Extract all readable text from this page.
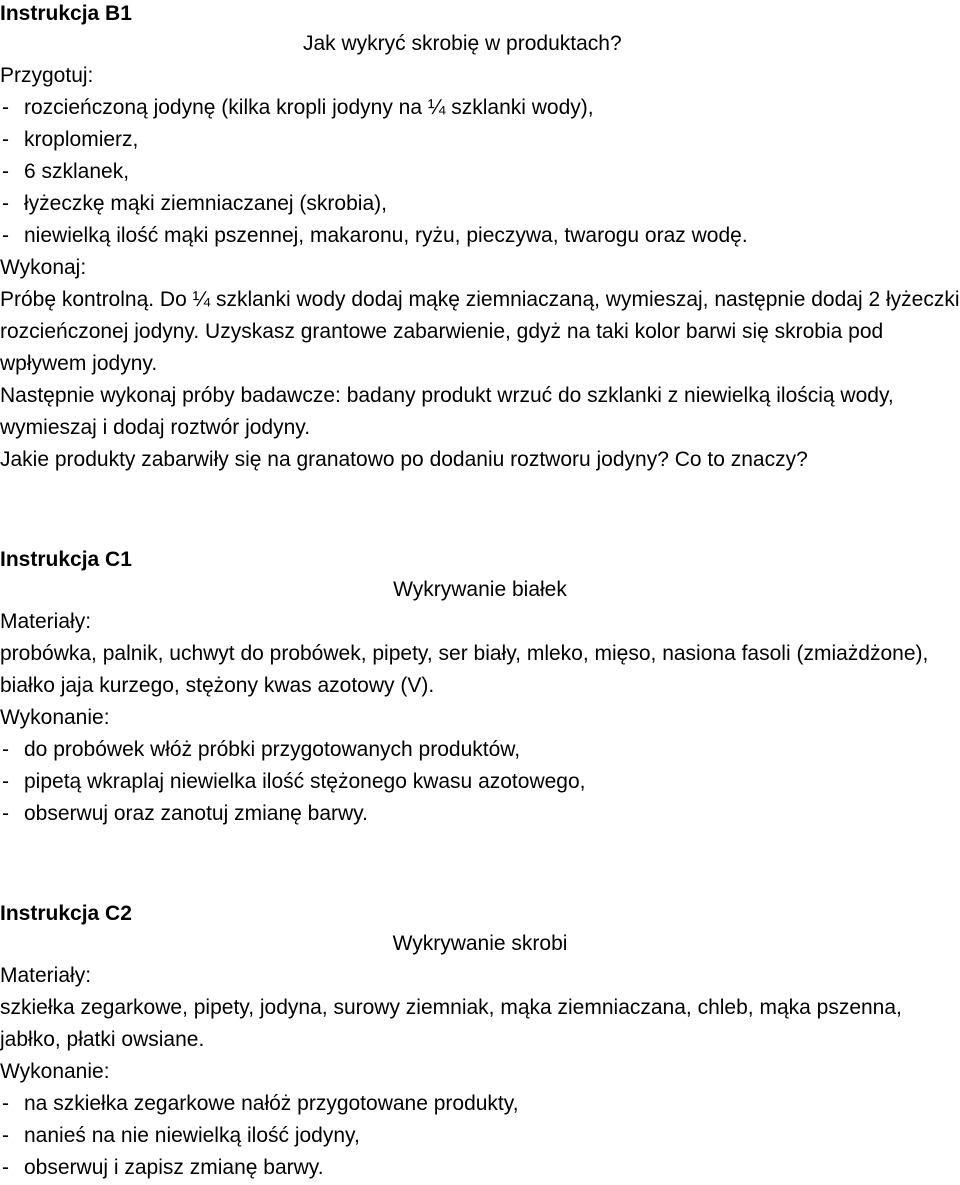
Instrukcja B1

Jak wykryć skrobię w produktach?

Przygotuj:

- rozcieńczoną jodynę (kilka kropli jodyny na ¼ szklanki wody),
- kroplomierz,
- 6 szklanek,
- łyżeczkę mąki ziemniaczanej (skrobia),
- niewielką ilość mąki pszennej, makaronu, ryżu, pieczywa, twarogu oraz wodę.

Wykonaj:

Próbę kontrolną. Do ¼ szklanki wody dodaj mąkę ziemniaczaną, wymieszaj, następnie dodaj 2 łyżeczki rozcieńczonej jodyny. Uzyskasz grantowe zabarwienie, gdyż na taki kolor barwi się skrobia pod wpływem jodyny.

Następnie wykonaj próby badawcze: badany produkt wrzuć do szklanki z niewielką ilością wody, wymieszaj i dodaj roztwór jodyny.

Jakie produkty zabarwiły się na granatowo po dodaniu roztworu jodyny? Co to znaczy?

Instrukcja C1

Wykrywanie białek

Materiały:

probówka, palnik, uchwyt do probówek, pipety, ser biały, mleko, mięso, nasiona fasoli (zmiażdżone), białko jaja kurzego, stężony kwas azotowy (V).

Wykonanie:

- do probówek włóż próbki przygotowanych produktów,
- pipetą wkraplaj niewielka ilość stężonego kwasu azotowego,
- obserwuj oraz zanotuj zmianę barwy.

Instrukcja C2

Wykrywanie skrobi

Materiały:

szkiełka zegarkowe, pipety, jodyna, surowy ziemniak, mąka ziemniaczana, chleb, mąka pszenna, jabłko, płatki owsiane.

Wykonanie:

- na szkiełka zegarkowe nałóż przygotowane produkty,
- nanieś na nie niewielką ilość jodyny,
- obserwuj i zapisz zmianę barwy.
